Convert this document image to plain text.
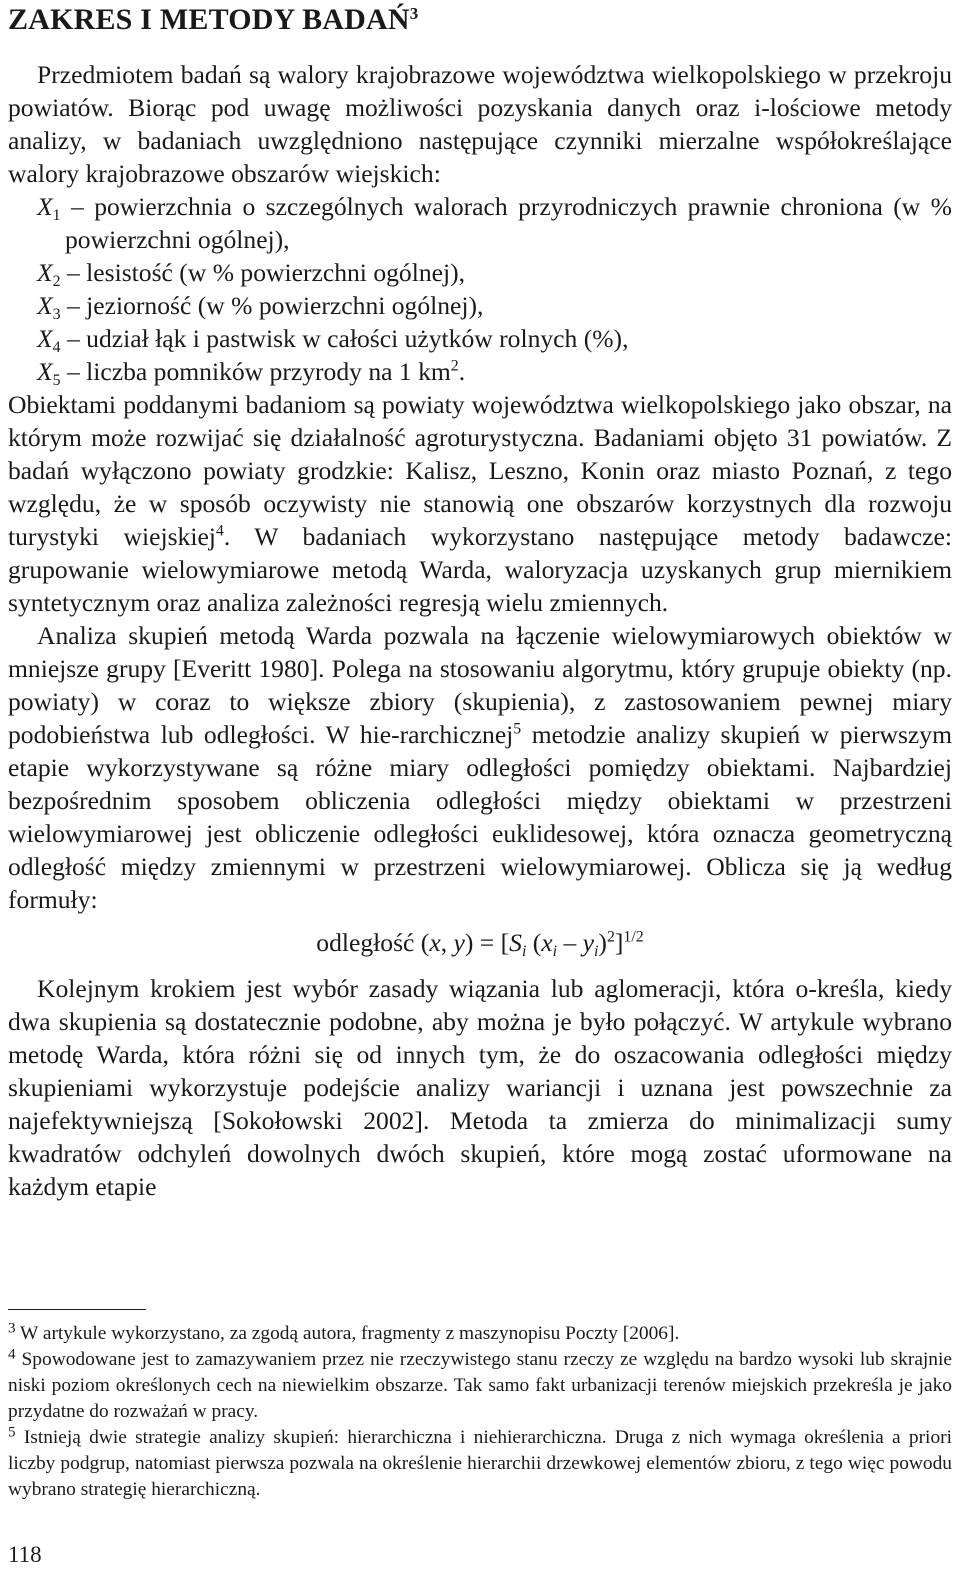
ZAKRES I METODY BADAŃ$^3$

Przedmiotem badań są walory krajobrazowe województwa wielkopolskiego w przekroju powiatów. Biorąc pod uwagę możliwości pozyskania danych oraz i-lościowe metody analizy, w badaniach uwzględniono następujące czynniki mierzalne współokreślające walory krajobrazowe obszarów wiejskich:

$X_1$ – powierzchnia o szczególnych walorach przyrodniczych prawnie chroniona (w % powierzchni ogólnej),

$X_2$ – lesistość (w % powierzchni ogólnej),

$X_3$ – jeziorność (w % powierzchni ogólnej),

$X_4$ – udział łąk i pastwisk w całości użytków rolnych (%),

$X_5$ – liczba pomników przyrody na 1 $km^2$.

Obiektami poddanymi badaniom są powiaty województwa wielkopolskiego jako obszar, na którym może rozwijać się działalność agroturystyczna. Badaniami objęto 31 powiatów. Z badań wyłączono powiaty grodzkie: Kalisz, Leszno, Konin oraz miasto Poznań, z tego względu, że w sposób oczywisty nie stanowią one obszarów korzystnych dla rozwoju turystyki wiejskiej$^4$. W badaniach wykorzystano następujące metody badawcze: grupowanie wielowymiarowe metodą Warda, waloryzacja uzyskanych grup miernikiem syntetycznym oraz analiza zależności regresją wielu zmiennych.

Analiza skupień metodą Warda pozwala na łączenie wielowymiarowych obiektów w mniejsze grupy [Everitt 1980]. Polega na stosowaniu algorytmu, który grupuje obiekty (np. powiaty) w coraz to większe zbiory (skupienia), z zastosowaniem pewnej miary podobieństwa lub odległości. W hie-rarchicznej$^5$ metodzie analizy skupień w pierwszym etapie wykorzystywane są różne miary odległości pomiędzy obiektami. Najbardziej bezpośrednim sposobem obliczenia odległości między obiektami w przestrzeni wielowymiarowej jest obliczenie odległości euklidesowej, która oznacza geometryczną odległość między zmiennymi w przestrzeni wielowymiarowej. Oblicza się ją według formuły:

odległość (x, $y) = [S_i$ $(x_i - y_i)^2]^{1/2}$

Kolejnym krokiem jest wybór zasady wiązania lub aglomeracji, która o-kreśla, kiedy dwa skupienia są dostatecznie podobne, aby można je było połączyć. W artykule wybrano metodę Warda, która różni się od innych tym, że do oszacowania odległości między skupieniami wykorzystuje podejście analizy wariancji i uznana jest powszechnie za najefektywniejszą [Sokołowski 2002]. Metoda ta zmierza do minimalizacji sumy kwadratów odchyleń dowolnych dwóch skupień, które mogą zostać uformowane na każdym etapie

$^3$ W artykule wykorzystano, za zgodą autora, fragmenty z maszynopisu Poczty [2006].

$^4$ Spowodowane jest to zamazywaniem przez nie rzeczywistego stanu rzeczy ze względu na bardzo wysoki lub skrajnie niski poziom określonych cech na niewielkim obszarze. Tak samo fakt urbanizacji terenów miejskich przekreśla je jako przydatne do rozważań w pracy.

$^5$ Istnieją dwie strategie analizy skupień: hierarchiczna i niehierarchiczna. Druga z nich wymaga określenia a priori liczby podgrup, natomiast pierwsza pozwala na określenie hierarchii drzewkowej elementów zbioru, z tego więc powodu wybrano strategię hierarchiczną.

118
